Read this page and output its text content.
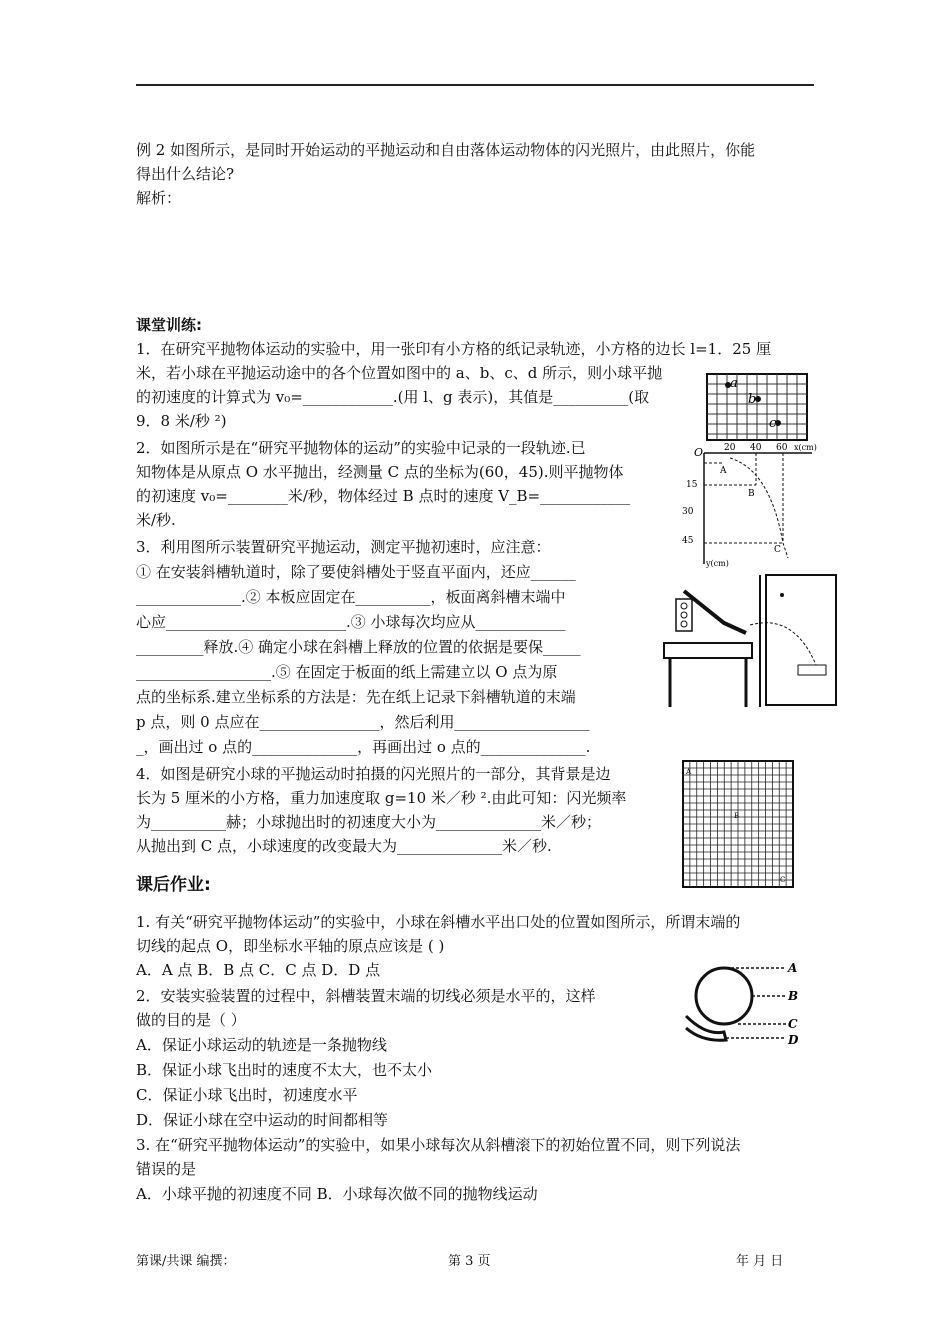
例 2 如图所示，是同时开始运动的平抛运动和自由落体运动物体的闪光照片，由此照片，你能
得出什么结论?
解析：
课堂训练:
1．在研究平抛物体运动的实验中，用一张印有小方格的纸记录轨迹，小方格的边长 l=1．25 厘
米，若小球在平抛运动途中的各个位置如图中的 a、b、c、d 所示，则小球平抛
的初速度的计算式为 v₀=____________.(用 l、g 表示)，其值是__________(取
9．8 米/秒 ²)
2．如图所示是在“研究平抛物体的运动”的实验中记录的一段轨迹.已
知物体是从原点 O 水平抛出，经测量 C 点的坐标为(60，45).则平抛物体
的初速度 v₀=________米/秒，物体经过 B 点时的速度 V_B=____________
米/秒.
3．利用图所示装置研究平抛运动，测定平抛初速时，应注意：
① 在安装斜槽轨道时，除了要使斜槽处于竖直平面内，还应______
______________.② 本板应固定在__________，板面离斜槽末端中
心应________________________.③ 小球每次均应从____________
_________释放.④ 确定小球在斜槽上释放的位置的依据是要保_____
__________________.⑤ 在固定于板面的纸上需建立以 O 点为原
点的坐标系.建立坐标系的方法是：先在纸上记录下斜槽轨道的末端
p 点，则 0 点应在________________，然后利用__________________
_，画出过 o 点的______________，再画出过 o 点的______________.
4．如图是研究小球的平抛运动时拍摄的闪光照片的一部分，其背景是边
长为 5 厘米的小方格，重力加速度取 g=10 米／秒 ².由此可知：闪光频率
为__________赫；小球抛出时的初速度大小为______________米／秒；
从抛出到 C 点，小球速度的改变最大为______________米／秒.
课后作业:
1. 有关“研究平抛物体运动”的实验中，小球在斜槽水平出口处的位置如图所示，所谓末端的
切线的起点 O，即坐标水平轴的原点应该是 ( )
A．A 点 B．B 点 C．C 点 D．D 点
2．安装实验装置的过程中，斜槽装置末端的切线必须是水平的，这样
做的目的是（ ）
A．保证小球运动的轨迹是一条抛物线
B．保证小球飞出时的速度不太大，也不太小
C．保证小球飞出时，初速度水平
D．保证小球在空中运动的时间都相等
3. 在“研究平抛物体运动”的实验中，如果小球每次从斜槽滚下的初始位置不同，则下列说法
错误的是
A．小球平抛的初速度不同 B．小球每次做不同的抛物线运动
a
b
c
O 20 40 60 x(cm)
15
30
45
y(cm)
A
B
C
A
B
C
A
B
C
D
第课/共课 编撰：	第 3 页	年 月 日
